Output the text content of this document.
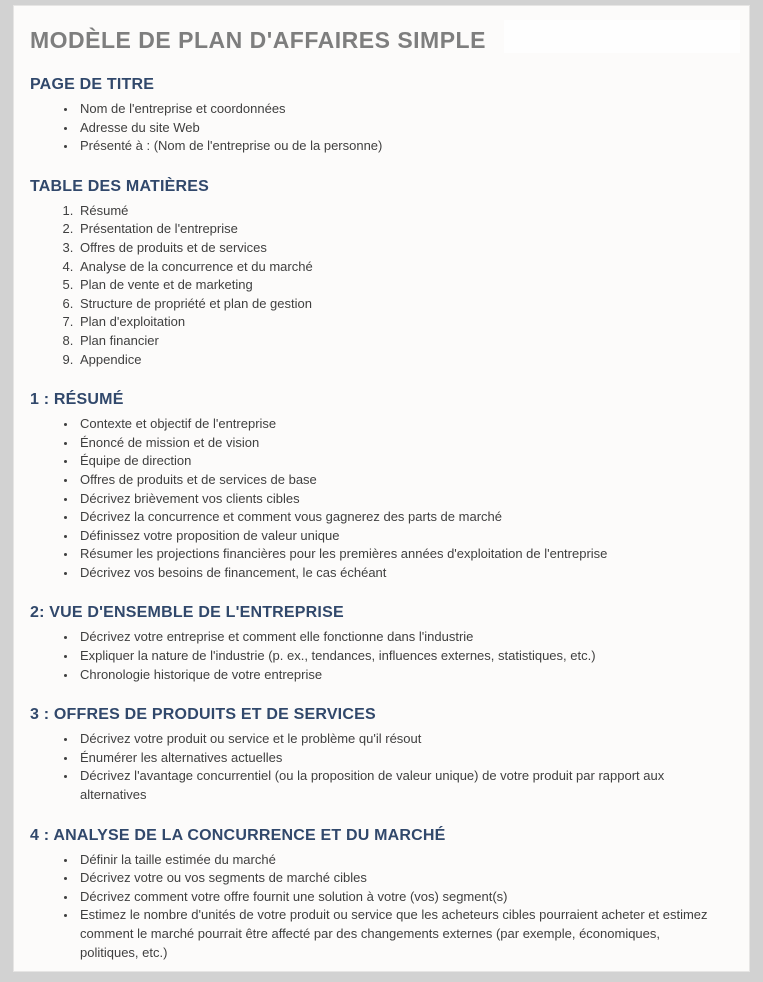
MODÈLE DE PLAN D'AFFAIRES SIMPLE
PAGE DE TITRE
• Nom de l'entreprise et coordonnées
• Adresse du site Web
• Présenté à : (Nom de l'entreprise ou de la personne)
TABLE DES MATIÈRES
1. Résumé
2. Présentation de l'entreprise
3. Offres de produits et de services
4. Analyse de la concurrence et du marché
5. Plan de vente et de marketing
6. Structure de propriété et plan de gestion
7. Plan d'exploitation
8. Plan financier
9. Appendice
1 : RÉSUMÉ
• Contexte et objectif de l'entreprise
• Énoncé de mission et de vision
• Équipe de direction
• Offres de produits et de services de base
• Décrivez brièvement vos clients cibles
• Décrivez la concurrence et comment vous gagnerez des parts de marché
• Définissez votre proposition de valeur unique
• Résumer les projections financières pour les premières années d'exploitation de l'entreprise
• Décrivez vos besoins de financement, le cas échéant
2: VUE D'ENSEMBLE DE L'ENTREPRISE
• Décrivez votre entreprise et comment elle fonctionne dans l'industrie
• Expliquer la nature de l'industrie (p. ex., tendances, influences externes, statistiques, etc.)
• Chronologie historique de votre entreprise
3 : OFFRES DE PRODUITS ET DE SERVICES
• Décrivez votre produit ou service et le problème qu'il résout
• Énumérer les alternatives actuelles
• Décrivez l'avantage concurrentiel (ou la proposition de valeur unique) de votre produit par rapport aux alternatives
4 : ANALYSE DE LA CONCURRENCE ET DU MARCHÉ
• Définir la taille estimée du marché
• Décrivez votre ou vos segments de marché cibles
• Décrivez comment votre offre fournit une solution à votre (vos) segment(s)
• Estimez le nombre d'unités de votre produit ou service que les acheteurs cibles pourraient acheter et estimez comment le marché pourrait être affecté par des changements externes (par exemple, économiques, politiques, etc.)
